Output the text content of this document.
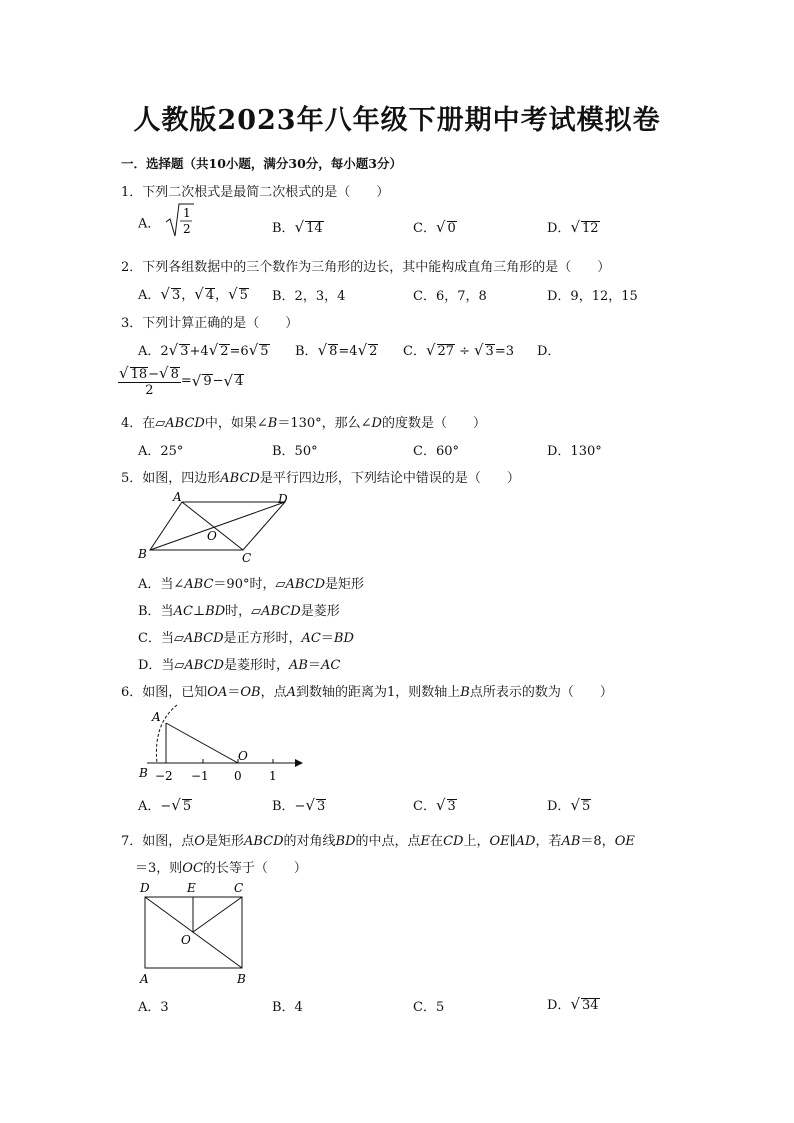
人教版2023年八年级下册期中考试模拟卷
一．选择题（共10小题，满分30分，每小题3分）
1．下列二次根式是最简二次根式的是（　　）
A．
1
2	B．√ 14	C．√ 0	D．√ 12
2．下列各组数据中的三个数作为三角形的边长，其中能构成直角三角形的是（　　）
A．√ 3，√ 4，√ 5 B．2，3，4	C．6，7，8	D．9，12，15
3．下列计算正确的是（　　）
A．2√ 3+4√ 2=6√ 5 B．√ 8=4√ 2 C．√ 27 ÷ √ 3=3 D．
$\frac{√ 18-√ 8}{2}$ =√ 9−√ 4
4．在▱ABCD中，如果∠B＝130°，那么∠D的度数是（　　）
A．25°	B．50°	C．60°	D．130°
5．如图，四边形ABCD是平行四边形，下列结论中错误的是（　　）
A	D
B	C
O
A．当∠ABC＝90°时，▱ABCD是矩形
B．当AC⊥BD时，▱ABCD是菱形
C．当▱ABCD是正方形时，AC＝BD
D．当▱ABCD是菱形时，AB＝AC
6．如图，已知OA＝OB，点A到数轴的距离为1，则数轴上B点所表示的数为（　　）
A
B
O
−2 −1 0 1
A．−√ 5	B．−√ 3	C．√ 3	D．√ 5
7．如图，点O是矩形ABCD的对角线BD的中点，点E在CD上，OE∥AD，若AB＝8，OE
＝3，则OC的长等于（　　）
D	E	C
O
A	B
A．3	B．4	C．5	D．√ 34
